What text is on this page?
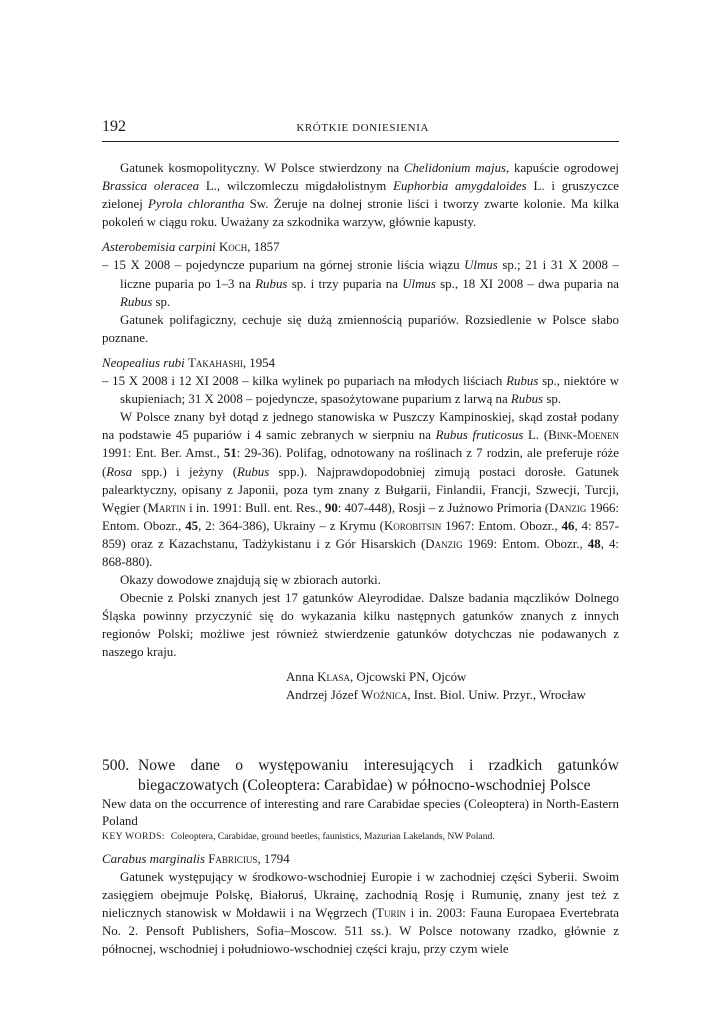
192	KRÓTKIE DONIESIENIA

Gatunek kosmopolityczny. W Polsce stwierdzony na Chelidonium majus, kapuście ogrodowej Brassica oleracea L., wilczomleczu migdałolistnym Euphorbia amygdaloides L. i gruszyczce zielonej Pyrola chlorantha Sw. Żeruje na dolnej stronie liści i tworzy zwarte kolonie. Ma kilka pokoleń w ciągu roku. Uważany za szkodnika warzyw, głównie kapusty.

Asterobemisia carpini Koch, 1857

– 15 X 2008 – pojedyncze puparium na górnej stronie liścia wiązu Ulmus sp.; 21 i 31 X 2008 – liczne puparia po 1–3 na Rubus sp. i trzy puparia na Ulmus sp., 18 XI 2008 – dwa puparia na Rubus sp.

Gatunek polifagiczny, cechuje się dużą zmiennością pupariów. Rozsiedlenie w Polsce słabo poznane.

Neopealius rubi Takahashi, 1954

– 15 X 2008 i 12 XI 2008 – kilka wylinek po pupariach na młodych liściach Rubus sp., niektóre w skupieniach; 31 X 2008 – pojedyncze, spasożytowane puparium z larwą na Rubus sp.

W Polsce znany był dotąd z jednego stanowiska w Puszczy Kampinoskiej, skąd został podany na podstawie 45 pupariów i 4 samic zebranych w sierpniu na Rubus fruticosus L. (Bink-Moenen 1991: Ent. Ber. Amst., 51: 29-36). Polifag, odnotowany na roślinach z 7 rodzin, ale preferuje róże (Rosa spp.) i jeżyny (Rubus spp.). Najprawdopodobniej zimują postaci dorosłe. Gatunek palearktyczny, opisany z Japonii, poza tym znany z Bułgarii, Finlandii, Francji, Szwecji, Turcji, Węgier (Martin i in. 1991: Bull. ent. Res., 90: 407-448), Rosji – z Jużnowo Primoria (Danzig 1966: Entom. Obozr., 45, 2: 364-386), Ukrainy – z Krymu (Korobitsin 1967: Entom. Obozr., 46, 4: 857-859) oraz z Kazachstanu, Tadżykistanu i z Gór Hisarskich (Danzig 1969: Entom. Obozr., 48, 4: 868-880).

Okazy dowodowe znajdują się w zbiorach autorki.

Obecnie z Polski znanych jest 17 gatunków Aleyrodidae. Dalsze badania mączlików Dolnego Śląska powinny przyczynić się do wykazania kilku następnych gatunków znanych z innych regionów Polski; możliwe jest również stwierdzenie gatunków dotychczas nie podawanych z naszego kraju.

Anna Klasa, Ojcowski PN, Ojców
Andrzej Józef Woźnica, Inst. Biol. Uniw. Przyr., Wrocław
500. Nowe dane o występowaniu interesujących i rzadkich gatunków biegaczowatych (Coleoptera: Carabidae) w północno-wschodniej Polsce

New data on the occurrence of interesting and rare Carabidae species (Coleoptera) in North-Eastern Poland

KEY WORDS: Coleoptera, Carabidae, ground beetles, faunistics, Mazurian Lakelands, NW Poland.

Carabus marginalis Fabricius, 1794

Gatunek występujący w środkowo-wschodniej Europie i w zachodniej części Syberii. Swoim zasięgiem obejmuje Polskę, Białoruś, Ukrainę, zachodnią Rosję i Rumunię, znany jest też z nielicznych stanowisk w Mołdawii i na Węgrzech (Turin i in. 2003: Fauna Europaea Evertebrata No. 2. Pensoft Publishers, Sofia–Moscow. 511 ss.). W Polsce notowany rzadko, głównie z północnej, wschodniej i południowo-wschodniej części kraju, przy czym wiele
